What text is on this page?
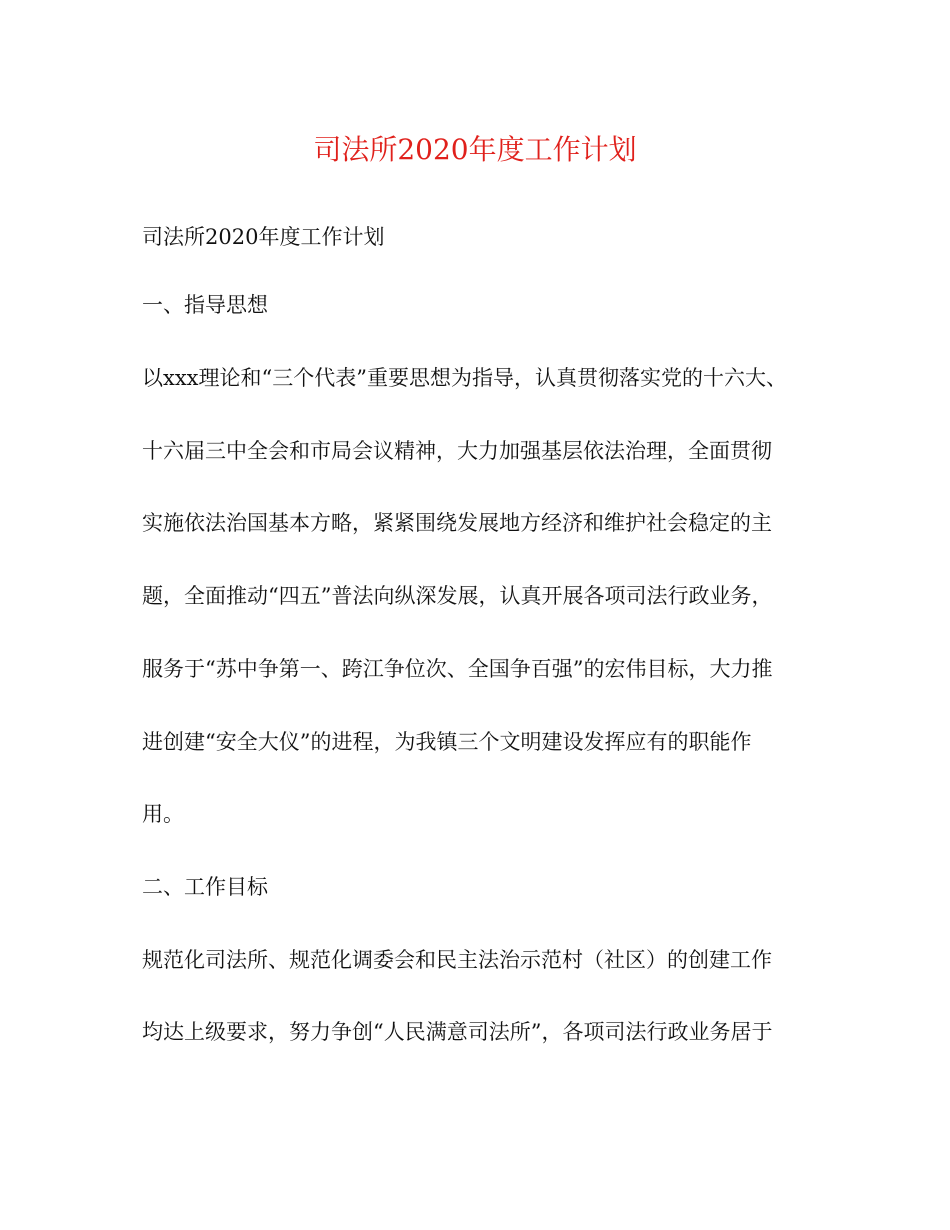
司法所2020年度工作计划
司法所2020年度工作计划
一、指导思想
以xxx理论和“三个代表”重要思想为指导，认真贯彻落实党的十六大、
十六届三中全会和市局会议精神，大力加强基层依法治理，全面贯彻
实施依法治国基本方略，紧紧围绕发展地方经济和维护社会稳定的主
题，全面推动“四五”普法向纵深发展，认真开展各项司法行政业务，
服务于“苏中争第一、跨江争位次、全国争百强”的宏伟目标，大力推
进创建“安全大仪”的进程，为我镇三个文明建设发挥应有的职能作
用。
二、工作目标
规范化司法所、规范化调委会和民主法治示范村（社区）的创建工作
均达上级要求，努力争创“人民满意司法所”，各项司法行政业务居于
